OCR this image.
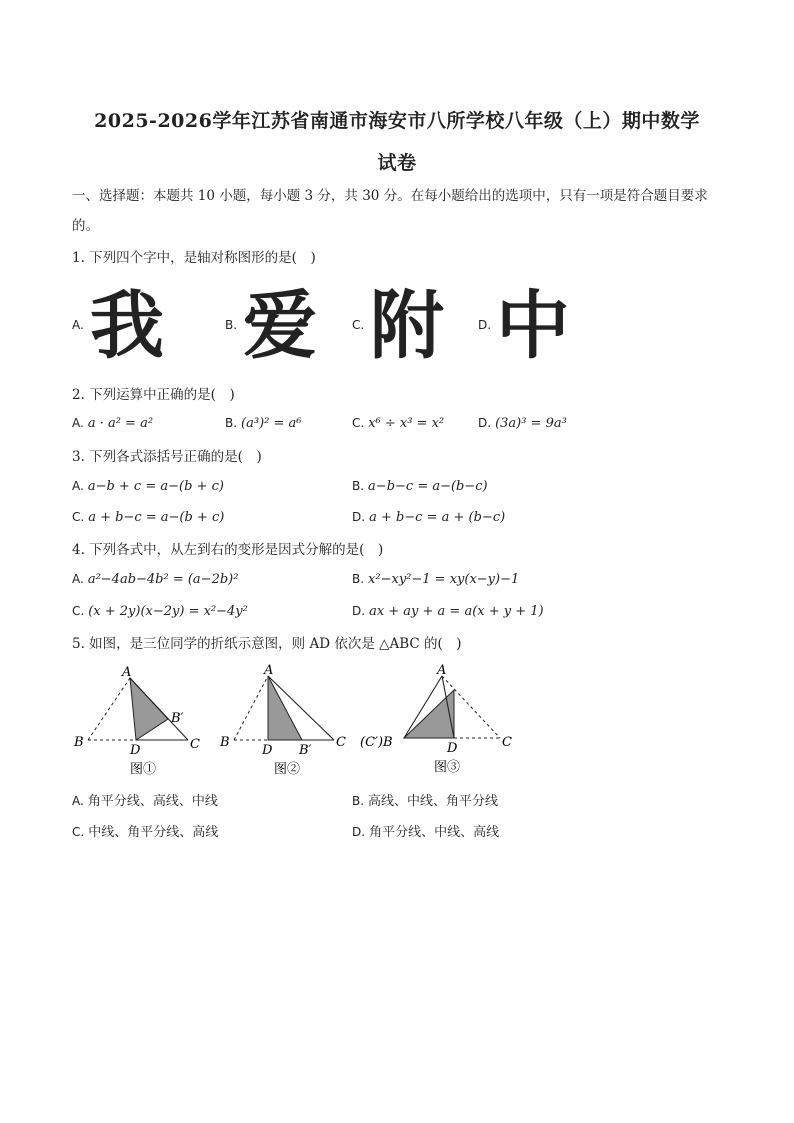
2025-2026学年江苏省南通市海安市八所学校八年级（上）期中数学
试卷
一、选择题：本题共 10 小题，每小题 3 分，共 30 分。在每小题给出的选项中，只有一项是符合题目要求
的。
1. 下列四个字中，是轴对称图形的是(　)
A. 我	B. 爱	C. 附	D. 中
2. 下列运算中正确的是(　)
A. a · a² = a²	B. (a³)² = a⁶	C. x⁶ ÷ x³ = x²	D. (3a)³ = 9a³
3. 下列各式添括号正确的是(　)
A. a−b + c = a−(b + c)	B. a−b−c = a−(b−c)
C. a + b−c = a−(b + c)	D. a + b−c = a + (b−c)
4. 下列各式中，从左到右的变形是因式分解的是(　)
A. a²−4ab−4b² = (a−2b)²	B. x²−xy²−1 = xy(x−y)−1
C. (x + 2y)(x−2y) = x²−4y²	D. ax + ay + a = a(x + y + 1)
5. 如图，是三位同学的折纸示意图，则 AD 依次是 △ABC 的(　)
A
B
D	C
B′
图①
A
B
D B′
C
图②
A
(C′)B	D	C
图③
A. 角平分线、高线、中线	B. 高线、中线、角平分线
C. 中线、角平分线、高线	D. 角平分线、中线、高线
